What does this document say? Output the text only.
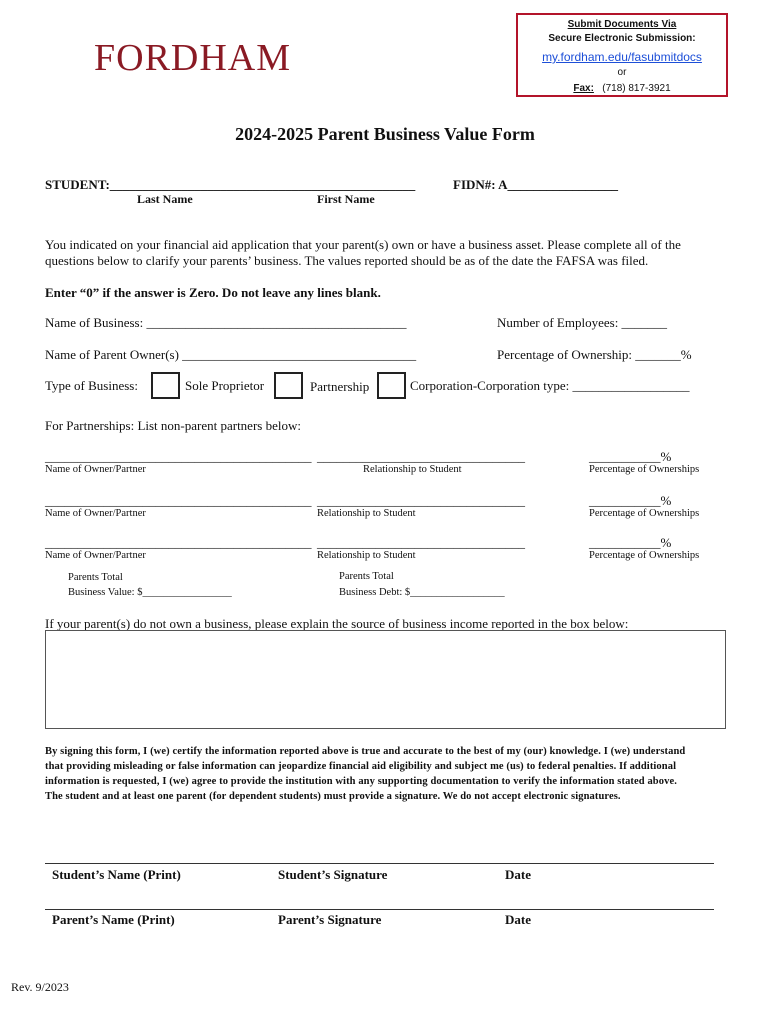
FORDHAM
Submit Documents Via
Secure Electronic Submission:
my.fordham.edu/fasubmitdocs
or
Fax: (718) 817-3921
2024-2025 Parent Business Value Form
STUDENT:_______________________________________________	FIDN#: A_________________
Last Name	First Name
You indicated on your financial aid application that your parent(s) own or have a business asset. Please complete all of the
questions below to clarify your parents’ business. The values reported should be as of the date the FAFSA was filed.
Enter “0” if the answer is Zero. Do not leave any lines blank.
Name of Business: ________________________________________	Number of Employees: _______
Name of Parent Owner(s) ____________________________________	Percentage of Ownership: _______%
Type of Business:	Sole Proprietor	Partnership	Corporation-Corporation type: __________________
For Partnerships: List non-parent partners below:
_________________________________________ ________________________________	___________%
Name of Owner/Partner	Relationship to Student	Percentage of Ownerships
_________________________________________ ________________________________	___________%
Name of Owner/Partner	Relationship to Student	Percentage of Ownerships
_________________________________________ ________________________________	___________%
Name of Owner/Partner	Relationship to Student	Percentage of Ownerships
Parents Total
Business Value: $_________________
Parents Total
Business Debt: $__________________
If your parent(s) do not own a business, please explain the source of business income reported in the box below:
By signing this form, I (we) certify the information reported above is true and accurate to the best of my (our) knowledge. I (we) understand
that providing misleading or false information can jeopardize financial aid eligibility and subject me (us) to federal penalties. If additional
information is requested, I (we) agree to provide the institution with any supporting documentation to verify the information stated above.
The student and at least one parent (for dependent students) must provide a signature. We do not accept electronic signatures.
Student’s Name (Print)	Student’s Signature	Date
Parent’s Name (Print)	Parent’s Signature	Date
Rev. 9/2023
